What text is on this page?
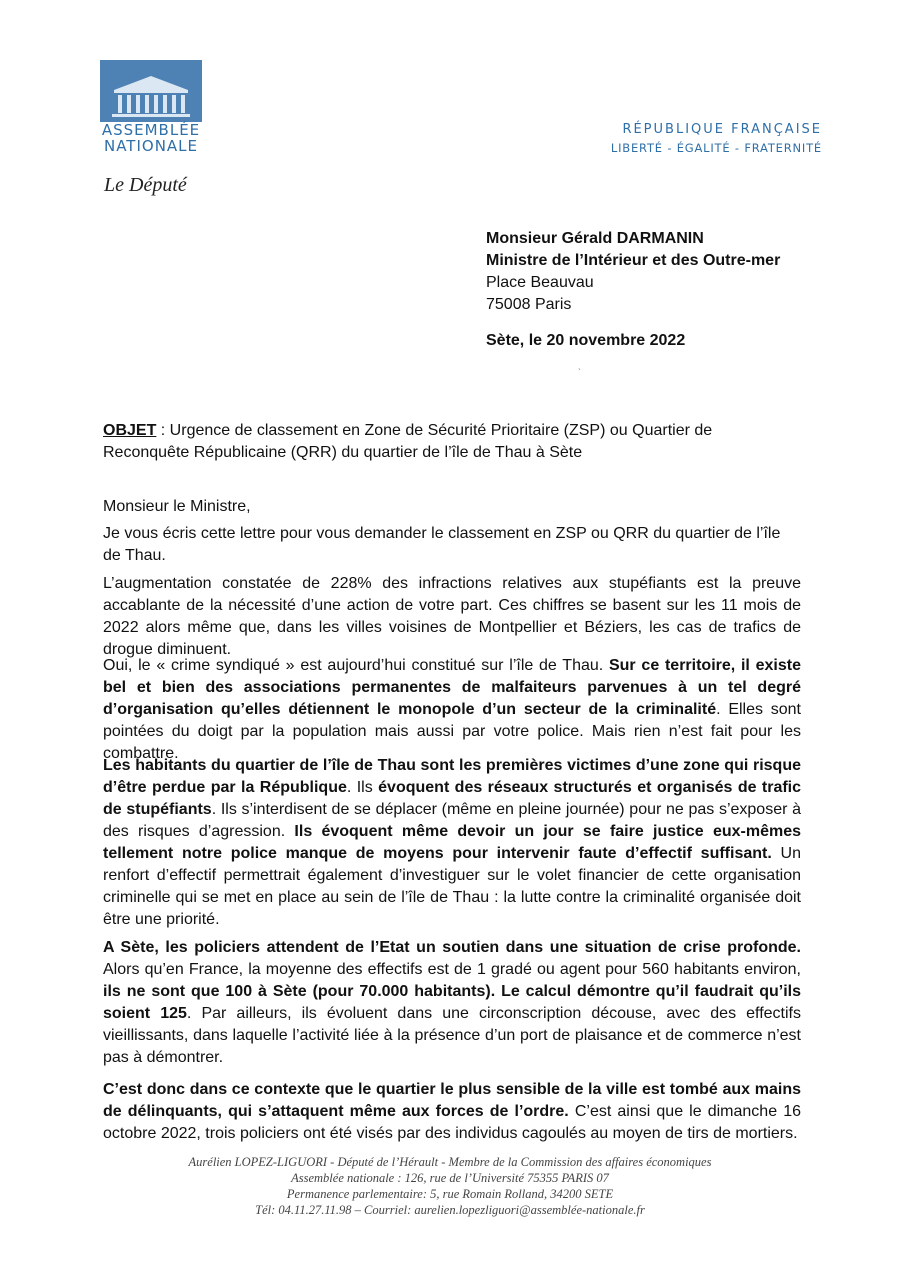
ASSEMBLÉE
NATIONALE
Le Député
RÉPUBLIQUE FRANÇAISE
LIBERTÉ - ÉGALITÉ - FRATERNITÉ
Monsieur Gérald DARMANIN
Ministre de l’Intérieur et des Outre-mer
Place Beauvau
75008 Paris
Sète, le 20 novembre 2022
ˎ
OBJET : Urgence de classement en Zone de Sécurité Prioritaire (ZSP) ou Quartier de Reconquête Républicaine (QRR) du quartier de l’île de Thau à Sète
Monsieur le Ministre,
Je vous écris cette lettre pour vous demander le classement en ZSP ou QRR du quartier de l’île de Thau.
L’augmentation constatée de 228% des infractions relatives aux stupéfiants est la preuve accablante de la nécessité d’une action de votre part. Ces chiffres se basent sur les 11 mois de 2022 alors même que, dans les villes voisines de Montpellier et Béziers, les cas de trafics de drogue diminuent.
Oui, le « crime syndiqué » est aujourd’hui constitué sur l’île de Thau. Sur ce territoire, il existe bel et bien des associations permanentes de malfaiteurs parvenues à un tel degré d’organisation qu’elles détiennent le monopole d’un secteur de la criminalité. Elles sont pointées du doigt par la population mais aussi par votre police. Mais rien n’est fait pour les combattre.
Les habitants du quartier de l’île de Thau sont les premières victimes d’une zone qui risque d’être perdue par la République. Ils évoquent des réseaux structurés et organisés de trafic de stupéfiants. Ils s’interdisent de se déplacer (même en pleine journée) pour ne pas s’exposer à des risques d’agression. Ils évoquent même devoir un jour se faire justice eux-mêmes tellement notre police manque de moyens pour intervenir faute d’effectif suffisant. Un renfort d’effectif permettrait également d’investiguer sur le volet financier de cette organisation criminelle qui se met en place au sein de l’île de Thau : la lutte contre la criminalité organisée doit être une priorité.
A Sète, les policiers attendent de l’Etat un soutien dans une situation de crise profonde. Alors qu’en France, la moyenne des effectifs est de 1 gradé ou agent pour 560 habitants environ, ils ne sont que 100 à Sète (pour 70.000 habitants). Le calcul démontre qu’il faudrait qu’ils soient 125. Par ailleurs, ils évoluent dans une circonscription découse, avec des effectifs vieillissants, dans laquelle l’activité liée à la présence d’un port de plaisance et de commerce n’est pas à démontrer.
C’est donc dans ce contexte que le quartier le plus sensible de la ville est tombé aux mains de délinquants, qui s’attaquent même aux forces de l’ordre. C’est ainsi que le dimanche 16 octobre 2022, trois policiers ont été visés par des individus cagoulés au moyen de tirs de mortiers.
Aurélien LOPEZ-LIGUORI - Député de l’Hérault - Membre de la Commission des affaires économiques
Assemblée nationale : 126, rue de l’Université 75355 PARIS 07
Permanence parlementaire: 5, rue Romain Rolland, 34200 SETE
Tél: 04.11.27.11.98 – Courriel: aurelien.lopezliguori@assemblée-nationale.fr
